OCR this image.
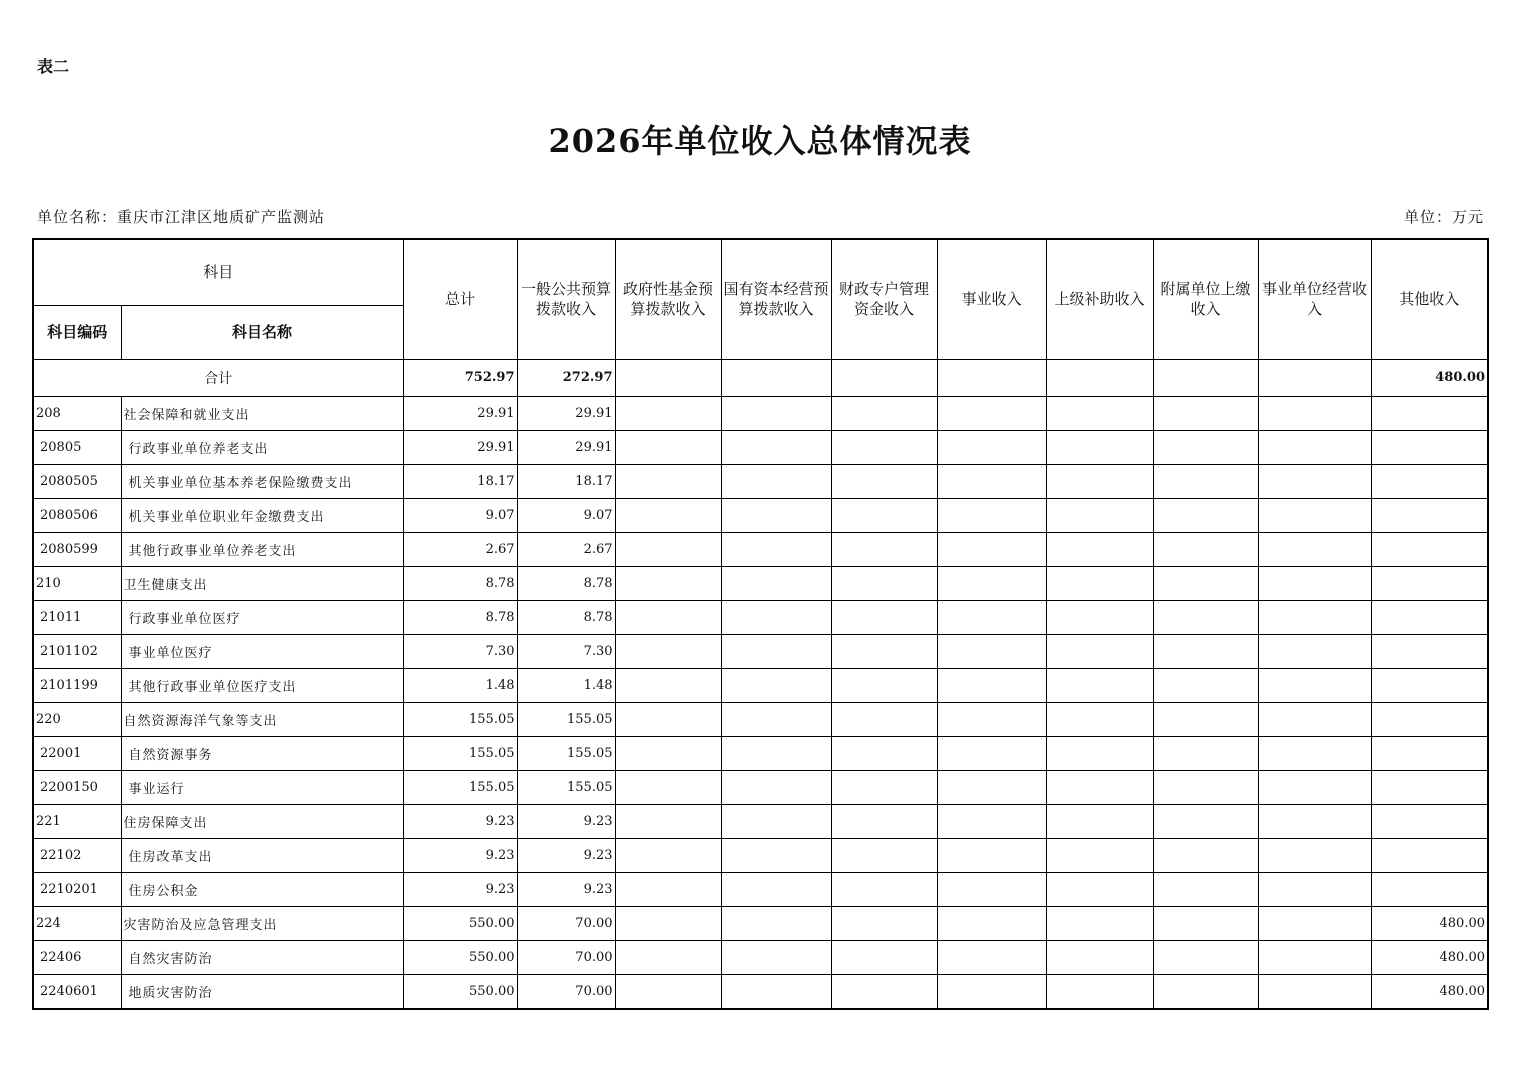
表二
2026年单位收入总体情况表
单位名称：重庆市江津区地质矿产监测站	单位：万元
科目		总计	一般公共预算拨款收入	政府性基金预算拨款收入	国有资本经营预算拨款收入	财政专户管理资金收入	事业收入	上级补助收入	附属单位上缴收入	事业单位经营收入	其他收入
科目编码	科目名称										
合计		752.97	272.97								480.00
208	社会保障和就业支出	29.91	29.91								
20805	行政事业单位养老支出	29.91	29.91								
2080505	机关事业单位基本养老保险缴费支出	18.17	18.17								
2080506	机关事业单位职业年金缴费支出	9.07	9.07								
2080599	其他行政事业单位养老支出	2.67	2.67								
210	卫生健康支出	8.78	8.78								
21011	行政事业单位医疗	8.78	8.78								
2101102	事业单位医疗	7.30	7.30								
2101199	其他行政事业单位医疗支出	1.48	1.48								
220	自然资源海洋气象等支出	155.05	155.05								
22001	自然资源事务	155.05	155.05								
2200150	事业运行	155.05	155.05								
221	住房保障支出	9.23	9.23								
22102	住房改革支出	9.23	9.23								
2210201	住房公积金	9.23	9.23								
224	灾害防治及应急管理支出	550.00	70.00								480.00
22406	自然灾害防治	550.00	70.00								480.00
2240601	地质灾害防治	550.00	70.00								480.00
